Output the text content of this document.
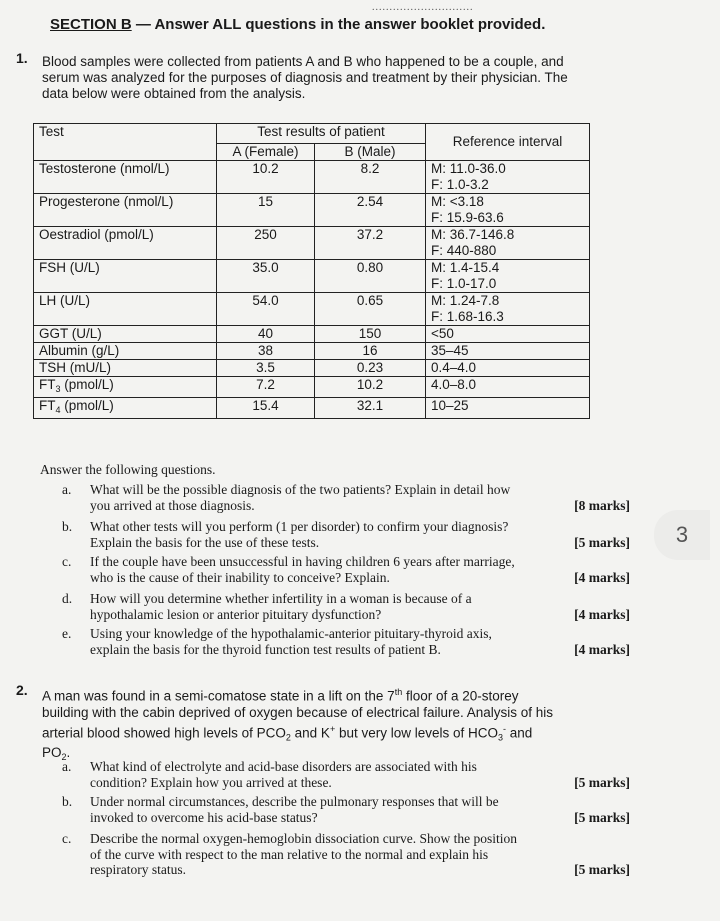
.............................
SECTION B — Answer ALL questions in the answer booklet provided.
1. Blood samples were collected from patients A and B who happened to be a couple, and
serum was analyzed for the purposes of diagnosis and treatment by their physician. The
data below were obtained from the analysis.
Test	Test results of patient		Reference interval
	A (Female)	B (Male)	
Testosterone (nmol/L)	10.2	8.2	M: 11.0-36.0
F: 1.0-3.2

Progesterone (nmol/L)	15	2.54	M: <3.18
F: 15.9-63.6

Oestradiol (pmol/L)	250	37.2	M: 36.7-146.8
F: 440-880

FSH (U/L)	35.0	0.80	M: 1.4-15.4
F: 1.0-17.0

LH (U/L)	54.0	0.65	M: 1.24-7.8
F: 1.68-16.3

GGT (U/L)	40	150	<50
Albumin (g/L)	38	16	35–45
TSH (mU/L)	3.5	0.23	0.4–4.0
$FT_3$ (pmol/L)	7.2	10.2	4.0–8.0
$FT_4$ (pmol/L)	15.4	32.1	10–25
Answer the following questions.
a. What will be the possible diagnosis of the two patients? Explain in detail how
you arrived at those diagnosis.	[8 marks]
b. What other tests will you perform (1 per disorder) to confirm your diagnosis?
Explain the basis for the use of these tests.	[5 marks]
c. If the couple have been unsuccessful in having children 6 years after marriage,
who is the cause of their inability to conceive? Explain.	[4 marks]
d. How will you determine whether infertility in a woman is because of a
hypothalamic lesion or anterior pituitary dysfunction?	[4 marks]
e. Using your knowledge of the hypothalamic-anterior pituitary-thyroid axis,
explain the basis for the thyroid function test results of patient B.	[4 marks]
2. A man was found in a semi-comatose state in a lift on the 7th floor of a 20-storey
building with the cabin deprived of oxygen because of electrical failure. Analysis of his
arterial blood showed high levels of $PCO_2$ and K+ but very low levels of $HCO_3^-$ and
$PO_2$.
a. What kind of electrolyte and acid-base disorders are associated with his
condition? Explain how you arrived at these.	[5 marks]
b. Under normal circumstances, describe the pulmonary responses that will be
invoked to overcome his acid-base status?	[5 marks]
c. Describe the normal oxygen-hemoglobin dissociation curve. Show the position
of the curve with respect to the man relative to the normal and explain his
respiratory status.	[5 marks]
3
